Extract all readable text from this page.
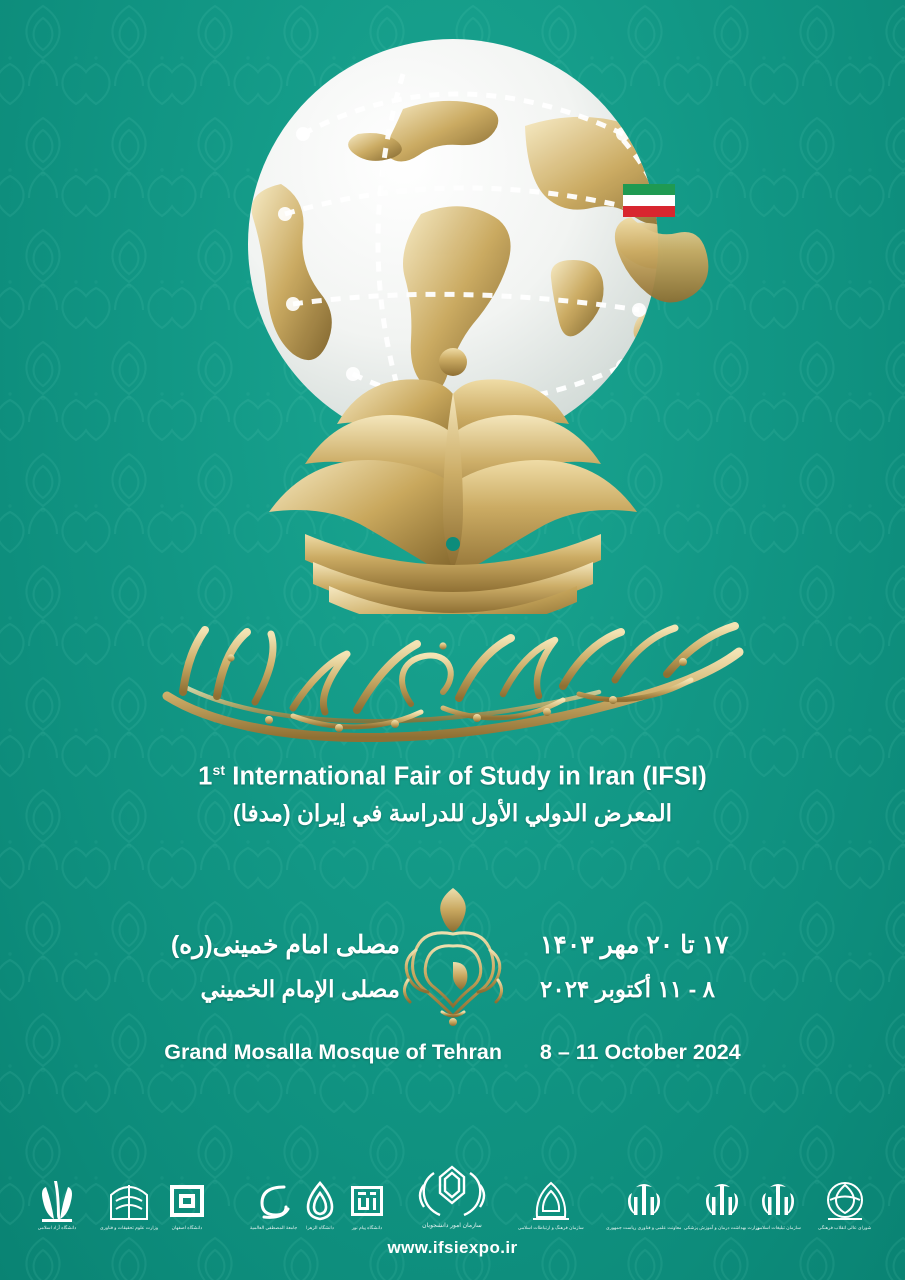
1st International Fair of Study in Iran (IFSI)
المعرض الدولي الأول للدراسة في إيران (مدفا)
مصلی امام خمینی(ره)
مصلى الإمام الخميني
۱۷ تا ۲۰ مهر ۱۴۰۳
۸ - ۱۱ أكتوبر ۲۰۲۴
Grand Mosalla Mosque of Tehran 8 – 11 October 2024
دانشگاه آزاد اسلامی	وزارت علوم تحقیقات و فناوری	دانشگاه اصفهان	جامعة المصطفى العالمية	دانشگاه الزهرا	دانشگاه پیام نور	سازمان امور دانشجویان	سازمان فرهنگ و ارتباطات اسلامی	معاونت علمی و فناوری ریاست جمهوری وزارت بهداشت درمان و آموزش پزشکی
سازمان تبلیغات اسلامی	شورای عالی انقلاب فرهنگی
www.ifsiexpo.ir
